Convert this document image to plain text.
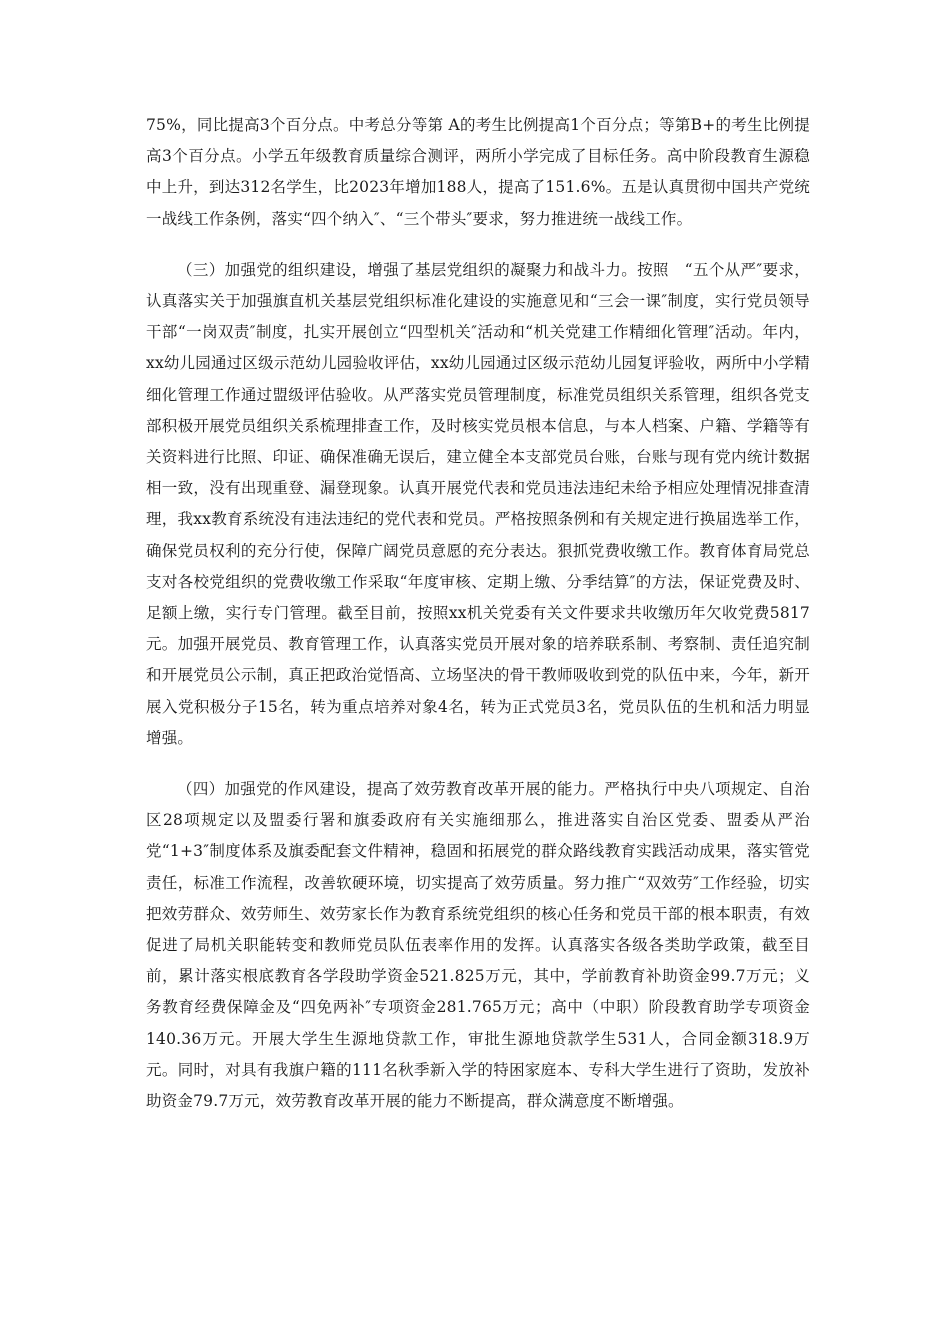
75%，同比提高3个百分点。中考总分等第 A的考生比例提高1个百分点；等第B+的考生比例提高3个百分点。小学五年级教育质量综合测评，两所小学完成了目标任务。高中阶段教育生源稳中上升，到达312名学生，比2023年增加188人，提高了151.6%。五是认真贯彻中国共产党统一战线工作条例，落实“四个纳入″、“三个带头″要求，努力推进统一战线工作。

（三）加强党的组织建设，增强了基层党组织的凝聚力和战斗力。按照　“五个从严″要求，认真落实关于加强旗直机关基层党组织标准化建设的实施意见和“三会一课″制度，实行党员领导干部“一岗双责″制度，扎实开展创立“四型机关″活动和“机关党建工作精细化管理″活动。年内，xx幼儿园通过区级示范幼儿园验收评估，xx幼儿园通过区级示范幼儿园复评验收，两所中小学精细化管理工作通过盟级评估验收。从严落实党员管理制度，标准党员组织关系管理，组织各党支部积极开展党员组织关系梳理排查工作，及时核实党员根本信息，与本人档案、户籍、学籍等有关资料进行比照、印证、确保准确无误后，建立健全本支部党员台账，台账与现有党内统计数据相一致，没有出现重登、漏登现象。认真开展党代表和党员违法违纪未给予相应处理情况排查清理，我xx教育系统没有违法违纪的党代表和党员。严格按照条例和有关规定进行换届选举工作，确保党员权利的充分行使，保障广阔党员意愿的充分表达。狠抓党费收缴工作。教育体育局党总支对各校党组织的党费收缴工作采取“年度审核、定期上缴、分季结算″的方法，保证党费及时、足额上缴，实行专门管理。截至目前，按照xx机关党委有关文件要求共收缴历年欠收党费5817 元。加强开展党员、教育管理工作，认真落实党员开展对象的培养联系制、考察制、责任追究制和开展党员公示制，真正把政治觉悟高、立场坚决的骨干教师吸收到党的队伍中来，今年，新开展入党积极分子15名，转为重点培养对象4名，转为正式党员3名，党员队伍的生机和活力明显增强。

（四）加强党的作风建设，提高了效劳教育改革开展的能力。严格执行中央八项规定、自治区28项规定以及盟委行署和旗委政府有关实施细那么，推进落实自治区党委、盟委从严治党“1+3″制度体系及旗委配套文件精神，稳固和拓展党的群众路线教育实践活动成果，落实管党责任，标准工作流程，改善软硬环境，切实提高了效劳质量。努力推广“双效劳″工作经验，切实把效劳群众、效劳师生、效劳家长作为教育系统党组织的核心任务和党员干部的根本职责，有效促进了局机关职能转变和教师党员队伍表率作用的发挥。认真落实各级各类助学政策，截至目前，累计落实根底教育各学段助学资金521.825万元，其中，学前教育补助资金99.7万元；义务教育经费保障金及“四免两补″专项资金281.765万元；高中（中职）阶段教育助学专项资金140.36万元。开展大学生生源地贷款工作，审批生源地贷款学生531人，合同金额318.9万元。同时，对具有我旗户籍的111名秋季新入学的特困家庭本、专科大学生进行了资助，发放补助资金79.7万元，效劳教育改革开展的能力不断提高，群众满意度不断增强。
